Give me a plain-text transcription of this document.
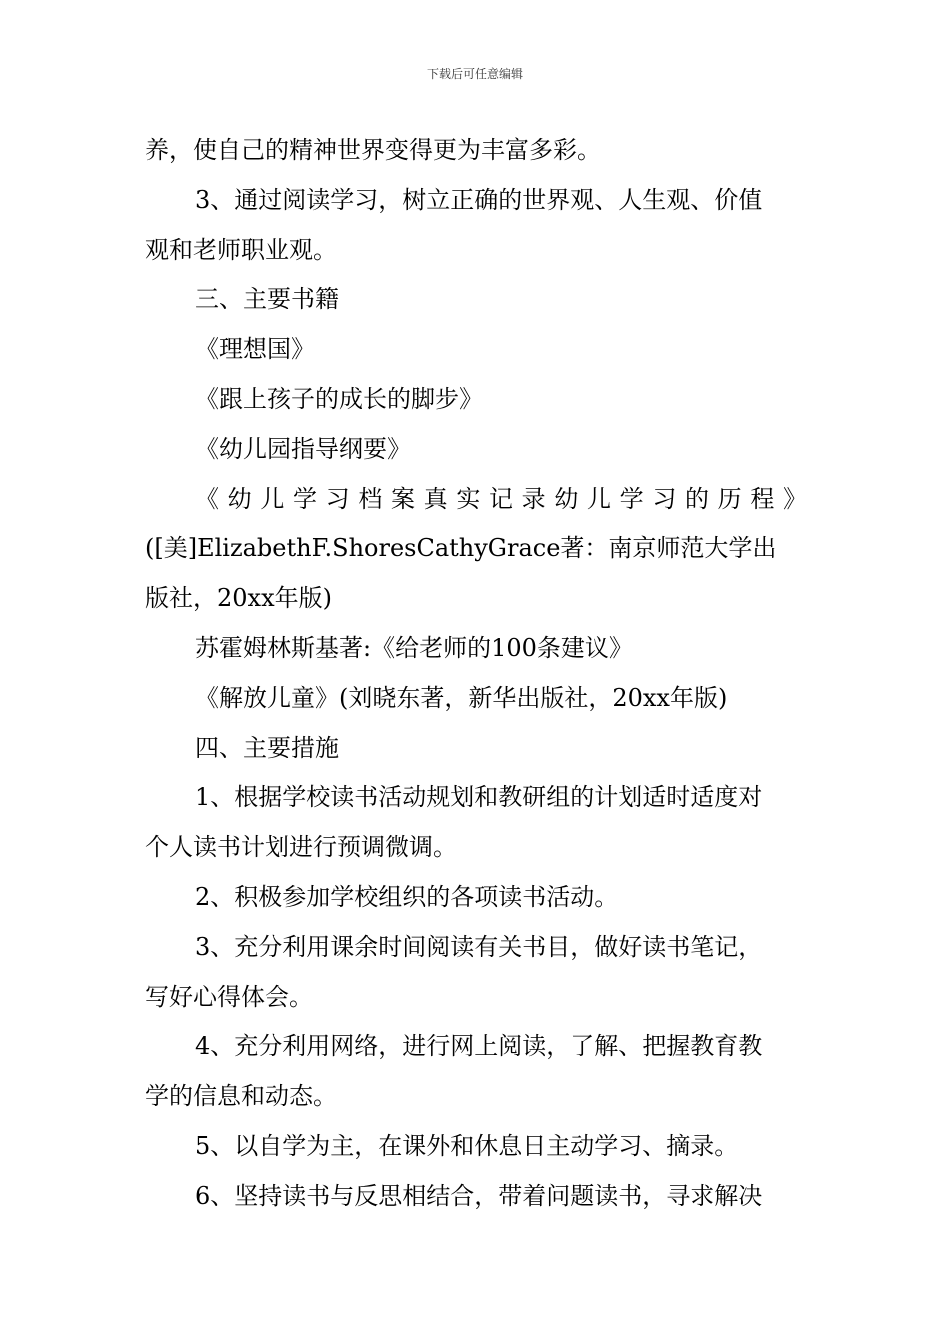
下载后可任意编辑

养，使自己的精神世界变得更为丰富多彩。

3、通过阅读学习，树立正确的世界观、人生观、价值

观和老师职业观。

三、主要书籍

《理想国》

《跟上孩子的成长的脚步》

《幼儿园指导纲要》

《幼儿学习档案真实记录幼儿学习的历程》

([美]ElizabethF.ShoresCathyGrace著：南京师范大学出

版社，20xx年版)

苏霍姆林斯基著:《给老师的100条建议》

《解放儿童》(刘晓东著，新华出版社，20xx年版)

四、主要措施

1、根据学校读书活动规划和教研组的计划适时适度对

个人读书计划进行预调微调。

2、积极参加学校组织的各项读书活动。

3、充分利用课余时间阅读有关书目，做好读书笔记，

写好心得体会。

4、充分利用网络，进行网上阅读，了解、把握教育教

学的信息和动态。

5、以自学为主，在课外和休息日主动学习、摘录。

6、坚持读书与反思相结合，带着问题读书，寻求解决
